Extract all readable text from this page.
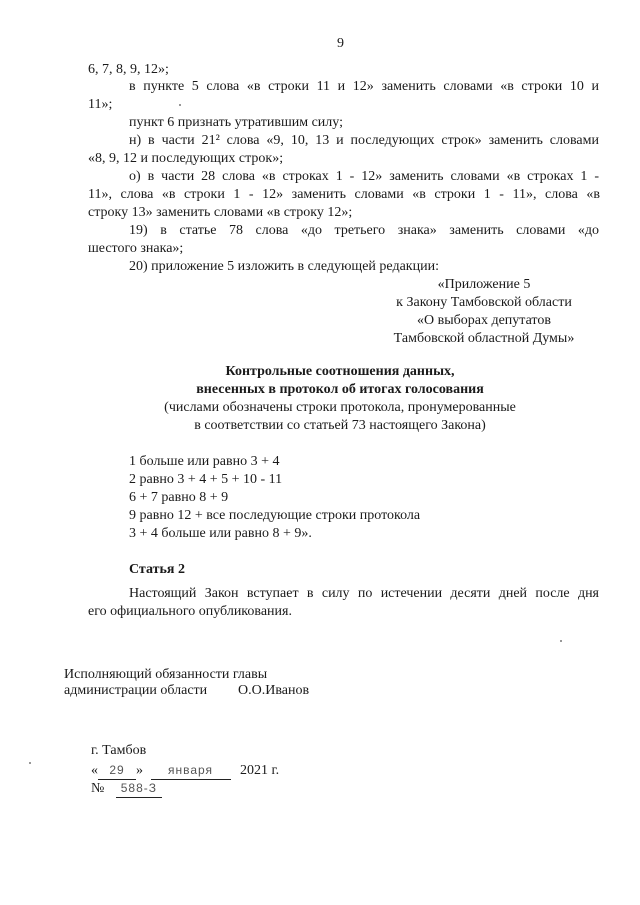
9
6, 7, 8, 9, 12»;
в пункте 5 слова «в строки 11 и 12» заменить словами «в строки 10 и
11»;
пункт 6 признать утратившим силу;
н) в части 21² слова «9, 10, 13 и последующих строк» заменить словами
«8, 9, 12 и последующих строк»;
о) в части 28 слова «в строках 1 - 12» заменить словами «в строках 1 -
11», слова «в строки 1 - 12» заменить словами «в строки 1 - 11», слова «в
строку 13» заменить словами «в строку 12»;
19) в статье 78 слова «до третьего знака» заменить словами «до
шестого знака»;
20) приложение 5 изложить в следующей редакции:
«Приложение 5
к Закону Тамбовской области
«О выборах депутатов
Тамбовской областной Думы»
Контрольные соотношения данных,
внесенных в протокол об итогах голосования
(числами обозначены строки протокола, пронумерованные
в соответствии со статьей 73 настоящего Закона)
1 больше или равно 3 + 4
2 равно 3 + 4 + 5 + 10 - 11
6 + 7 равно 8 + 9
9 равно 12 + все последующие строки протокола
3 + 4 больше или равно 8 + 9».
Статья 2
Настоящий Закон вступает в силу по истечении десяти дней после дня
его официального опубликования.
Исполняющий обязанности главы
администрации области О.О.Иванов
г. Тамбов
« 29 » января 2021 г.
№ 588-З
